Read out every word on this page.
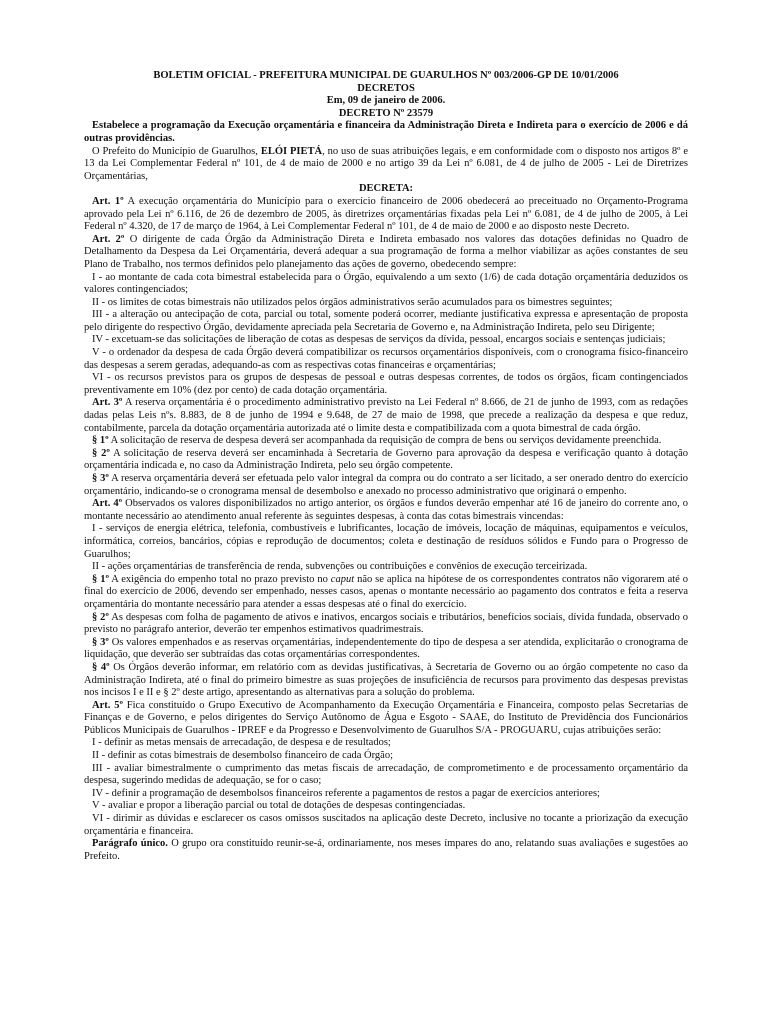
BOLETIM OFICIAL - PREFEITURA MUNICIPAL DE GUARULHOS Nº 003/2006-GP DE 10/01/2006

DECRETOS

Em, 09 de janeiro de 2006.

DECRETO Nº 23579

Estabelece a programação da Execução orçamentária e financeira da Administração Direta e Indireta para o exercício de 2006 e dá outras providências.

O Prefeito do Município de Guarulhos, ELÓI PIETÁ, no uso de suas atribuições legais, e em conformidade com o disposto nos artigos 8º e 13 da Lei Complementar Federal nº 101, de 4 de maio de 2000 e no artigo 39 da Lei nº 6.081, de 4 de julho de 2005 - Lei de Diretrizes Orçamentárias,

DECRETA:

Art. 1º A execução orçamentária do Município para o exercício financeiro de 2006 obedecerá ao preceituado no Orçamento-Programa aprovado pela Lei nº 6.116, de 26 de dezembro de 2005, às diretrizes orçamentárias fixadas pela Lei nº 6.081, de 4 de julho de 2005, à Lei Federal nº 4.320, de 17 de março de 1964, à Lei Complementar Federal nº 101, de 4 de maio de 2000 e ao disposto neste Decreto.

Art. 2º O dirigente de cada Órgão da Administração Direta e Indireta embasado nos valores das dotações definidas no Quadro de Detalhamento da Despesa da Lei Orçamentária, deverá adequar a sua programação de forma a melhor viabilizar as ações constantes de seu Plano de Trabalho, nos termos definidos pelo planejamento das ações de governo, obedecendo sempre:

I - ao montante de cada cota bimestral estabelecida para o Órgão, equivalendo a um sexto (1/6) de cada dotação orçamentária deduzidos os valores contingenciados;

II - os limites de cotas bimestrais não utilizados pelos órgãos administrativos serão acumulados para os bimestres seguintes;

III - a alteração ou antecipação de cota, parcial ou total, somente poderá ocorrer, mediante justificativa expressa e apresentação de proposta pelo dirigente do respectivo Órgão, devidamente apreciada pela Secretaria de Governo e, na Administração Indireta, pelo seu Dirigente;

IV - excetuam-se das solicitações de liberação de cotas as despesas de serviços da dívida, pessoal, encargos sociais e sentenças judiciais;

V - o ordenador da despesa de cada Órgão deverá compatibilizar os recursos orçamentários disponíveis, com o cronograma físico-financeiro das despesas a serem geradas, adequando-as com as respectivas cotas financeiras e orçamentárias;

VI - os recursos previstos para os grupos de despesas de pessoal e outras despesas correntes, de todos os órgãos, ficam contingenciados preventivamente em 10% (dez por cento) de cada dotação orçamentária.

Art. 3º A reserva orçamentária é o procedimento administrativo previsto na Lei Federal nº 8.666, de 21 de junho de 1993, com as redações dadas pelas Leis nºs. 8.883, de 8 de junho de 1994 e 9.648, de 27 de maio de 1998, que precede a realização da despesa e que reduz, contabilmente, parcela da dotação orçamentária autorizada até o limite desta e compatibilizada com a quota bimestral de cada órgão.

§ 1º A solicitação de reserva de despesa deverá ser acompanhada da requisição de compra de bens ou serviços devidamente preenchida.

§ 2º A solicitação de reserva deverá ser encaminhada à Secretaria de Governo para aprovação da despesa e verificação quanto à dotação orçamentária indicada e, no caso da Administração Indireta, pelo seu órgão competente.

§ 3º A reserva orçamentária deverá ser efetuada pelo valor integral da compra ou do contrato a ser licitado, a ser onerado dentro do exercício orçamentário, indicando-se o cronograma mensal de desembolso e anexado no processo administrativo que originará o empenho.

Art. 4º Observados os valores disponibilizados no artigo anterior, os órgãos e fundos deverão empenhar até 16 de janeiro do corrente ano, o montante necessário ao atendimento anual referente às seguintes despesas, à conta das cotas bimestrais vincendas:

I - serviços de energia elétrica, telefonia, combustíveis e lubrificantes, locação de imóveis, locação de máquinas, equipamentos e veículos, informática, correios, bancários, cópias e reprodução de documentos; coleta e destinação de resíduos sólidos e Fundo para o Progresso de Guarulhos;

II - ações orçamentárias de transferência de renda, subvenções ou contribuições e convênios de execução terceirizada.

§ 1º A exigência do empenho total no prazo previsto no caput não se aplica na hipótese de os correspondentes contratos não vigorarem até o final do exercício de 2006, devendo ser empenhado, nesses casos, apenas o montante necessário ao pagamento dos contratos e feita a reserva orçamentária do montante necessário para atender a essas despesas até o final do exercício.

§ 2º As despesas com folha de pagamento de ativos e inativos, encargos sociais e tributários, benefícios sociais, dívida fundada, observado o previsto no parágrafo anterior, deverão ter empenhos estimativos quadrimestrais.

§ 3º Os valores empenhados e as reservas orçamentárias, independentemente do tipo de despesa a ser atendida, explicitarão o cronograma de liquidação, que deverão ser subtraídas das cotas orçamentárias correspondentes.

§ 4º Os Órgãos deverão informar, em relatório com as devidas justificativas, à Secretaria de Governo ou ao órgão competente no caso da Administração Indireta, até o final do primeiro bimestre as suas projeções de insuficiência de recursos para provimento das despesas previstas nos incisos I e II e § 2º deste artigo, apresentando as alternativas para a solução do problema.

Art. 5º Fica constituído o Grupo Executivo de Acompanhamento da Execução Orçamentária e Financeira, composto pelas Secretarias de Finanças e de Governo, e pelos dirigentes do Serviço Autônomo de Água e Esgoto - SAAE, do Instituto de Previdência dos Funcionários Públicos Municipais de Guarulhos - IPREF e da Progresso e Desenvolvimento de Guarulhos S/A - PROGUARU, cujas atribuições serão:

I - definir as metas mensais de arrecadação, de despesa e de resultados;

II - definir as cotas bimestrais de desembolso financeiro de cada Órgão;

III - avaliar bimestralmente o cumprimento das metas fiscais de arrecadação, de comprometimento e de processamento orçamentário da despesa, sugerindo medidas de adequação, se for o caso;

IV - definir a programação de desembolsos financeiros referente a pagamentos de restos a pagar de exercícios anteriores;

V - avaliar e propor a liberação parcial ou total de dotações de despesas contingenciadas.

VI - dirimir as dúvidas e esclarecer os casos omissos suscitados na aplicação deste Decreto, inclusive no tocante a priorização da execução orçamentária e financeira.

Parágrafo único. O grupo ora constituído reunir-se-á, ordinariamente, nos meses ímpares do ano, relatando suas avaliações e sugestões ao Prefeito.
